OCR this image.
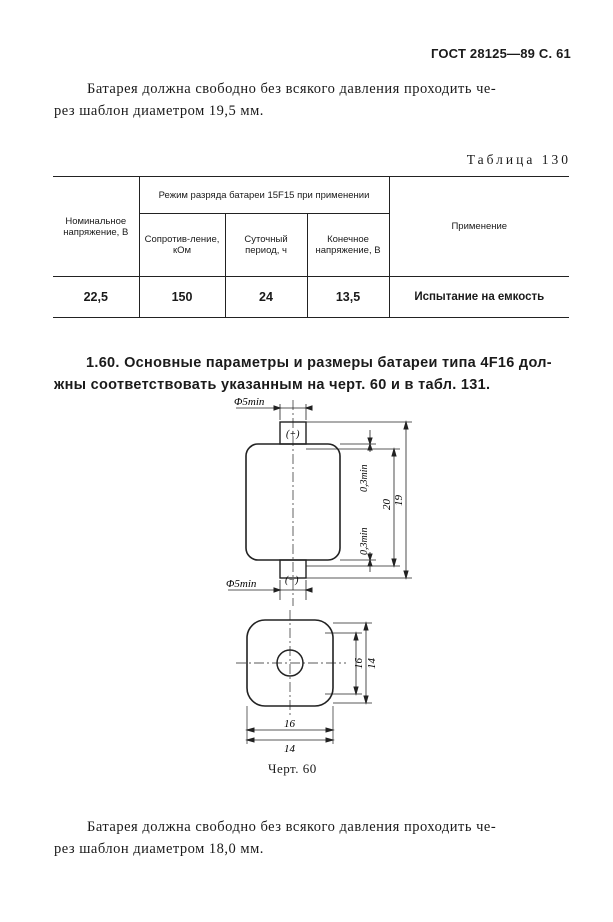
ГОСТ 28125—89 С. 61
Батарея должна свободно без всякого давления проходить че-
рез шаблон диаметром 19,5 мм.
Таблица 130
Номинальное напряжение, В	Режим разряда батареи 15F15 при применении			Применение
	Сопротив-ление, кОм	Суточный период, ч	Конечное напряжение, В	
22,5	150	24	13,5	Испытание на емкость
1.60. Основные параметры и размеры батареи типа 4F16 дол-
жны соответствовать указанным на черт. 60 и в табл. 131.
Φ5min
(+)
Φ5min	(−)
0,3min
0,3min
20 19
16 14
16
14
Черт. 60
Батарея должна свободно без всякого давления проходить че-
рез шаблон диаметром 18,0 мм.
